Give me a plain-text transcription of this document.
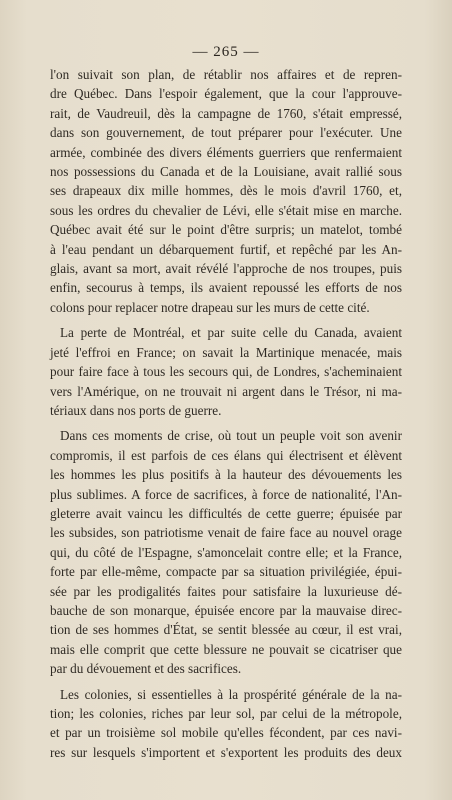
— 265 —

l'on suivait son plan, de rétablir nos affaires et de repren-
dre Québec. Dans l'espoir également, que la cour l'approuve-
rait, de Vaudreuil, dès la campagne de 1760, s'était empressé,
dans son gouvernement, de tout préparer pour l'exécuter. Une
armée, combinée des divers éléments guerriers que renfermaient
nos possessions du Canada et de la Louisiane, avait rallié sous
ses drapeaux dix mille hommes, dès le mois d'avril 1760, et,
sous les ordres du chevalier de Lévi, elle s'était mise en marche.
Québec avait été sur le point d'être surpris; un matelot, tombé
à l'eau pendant un débarquement furtif, et repêché par les An-
glais, avant sa mort, avait révélé l'approche de nos troupes, puis
enfin, secourus à temps, ils avaient repoussé les efforts de nos
colons pour replacer notre drapeau sur les murs de cette cité.

La perte de Montréal, et par suite celle du Canada, avaient
jeté l'effroi en France; on savait la Martinique menacée, mais
pour faire face à tous les secours qui, de Londres, s'acheminaient
vers l'Amérique, on ne trouvait ni argent dans le Trésor, ni ma-
tériaux dans nos ports de guerre.

Dans ces moments de crise, où tout un peuple voit son avenir
compromis, il est parfois de ces élans qui électrisent et élèvent
les hommes les plus positifs à la hauteur des dévouements les
plus sublimes. A force de sacrifices, à force de nationalité, l'An-
gleterre avait vaincu les difficultés de cette guerre; épuisée par
les subsides, son patriotisme venait de faire face au nouvel orage
qui, du côté de l'Espagne, s'amoncelait contre elle; et la France,
forte par elle-même, compacte par sa situation privilégiée, épui-
sée par les prodigalités faites pour satisfaire la luxurieuse dé-
bauche de son monarque, épuisée encore par la mauvaise direc-
tion de ses hommes d'État, se sentit blessée au cœur, il est vrai,
mais elle comprit que cette blessure ne pouvait se cicatriser que
par du dévouement et des sacrifices.

Les colonies, si essentielles à la prospérité générale de la na-
tion; les colonies, riches par leur sol, par celui de la métropole,
et par un troisième sol mobile qu'elles fécondent, par ces navi-
res sur lesquels s'importent et s'exportent les produits des deux
